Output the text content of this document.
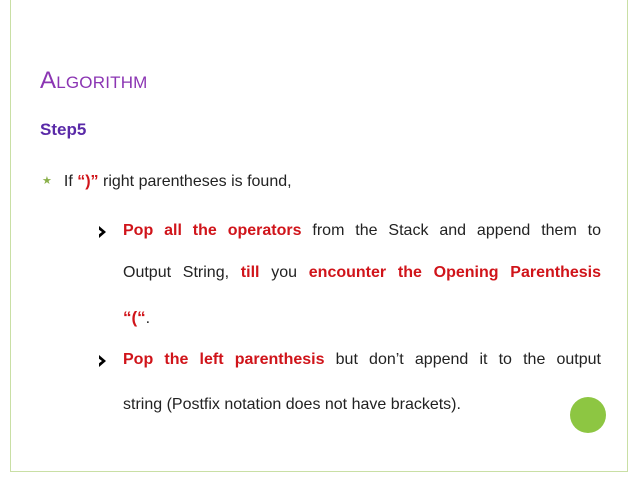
ALGORITHM
Step5
★ If “)” right parentheses is found,
Pop all the operators from the Stack and append them to
Output String, till you encounter the Opening Parenthesis
“(“.
Pop the left parenthesis but don’t append it to the output
string (Postfix notation does not have brackets).
